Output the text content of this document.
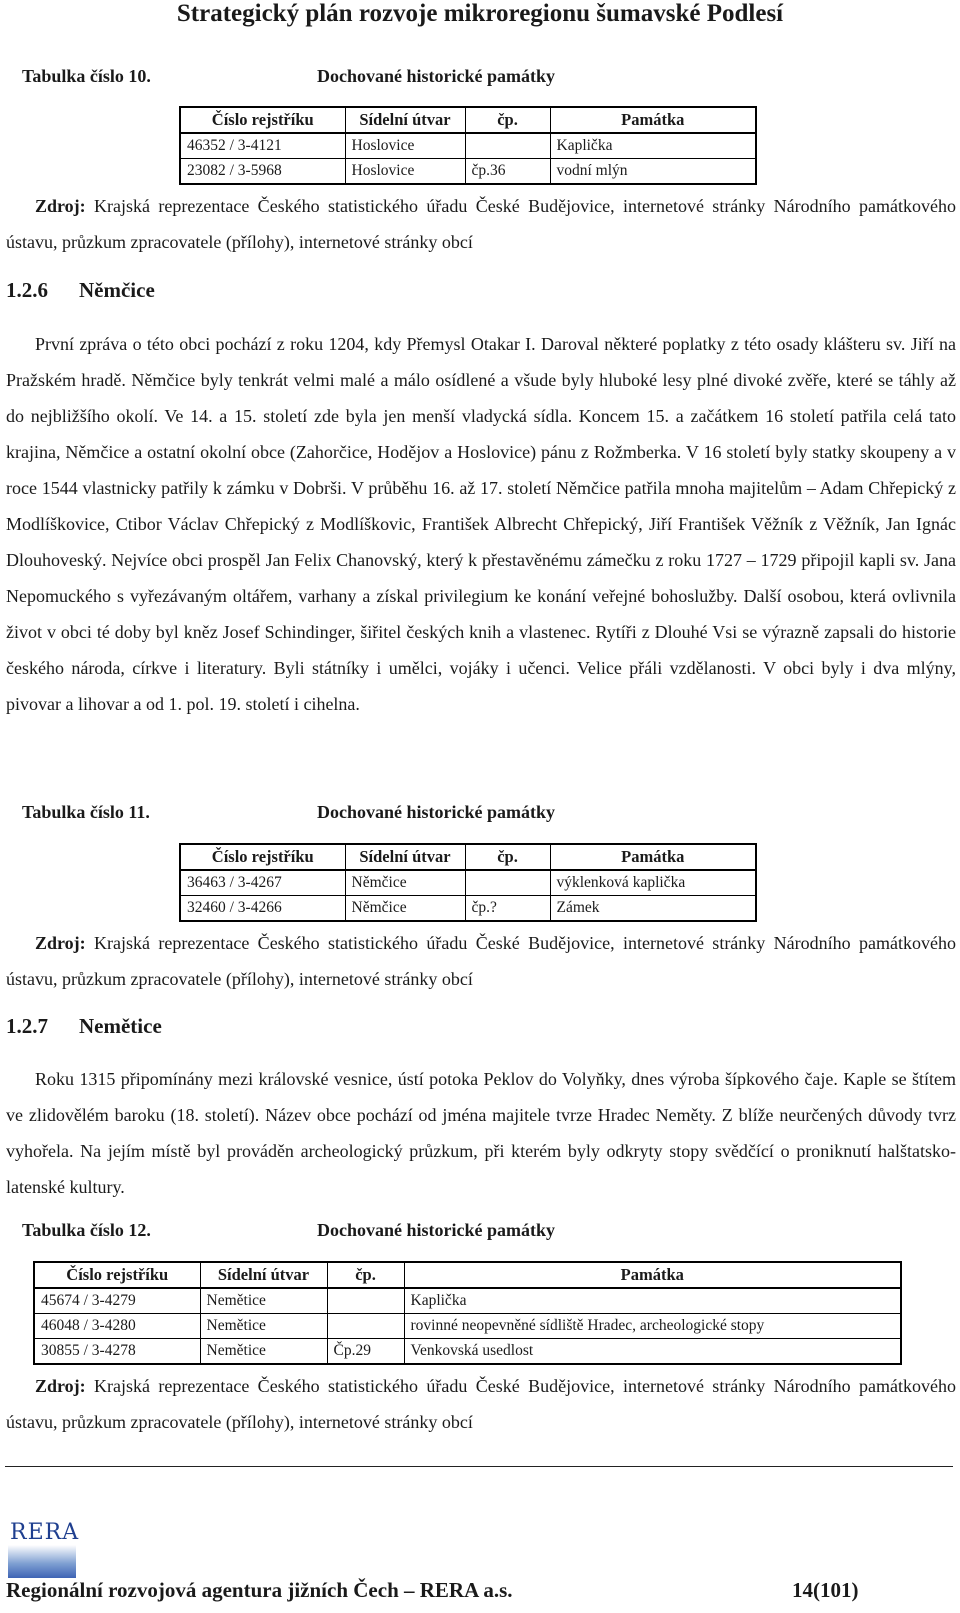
Strategický plán rozvoje mikroregionu šumavské Podlesí
Tabulka číslo 10.	Dochované historické památky
Číslo rejstříku	Sídelní útvar	čp.	Památka
46352 / 3-4121	Hoslovice		Kaplička
23082 / 3-5968	Hoslovice	čp.36	vodní mlýn

Zdroj: Krajská reprezentace Českého statistického úřadu České Budějovice, internetové stránky Národního památkového ústavu, průzkum zpracovatele (přílohy), internetové stránky obcí

1.2.6 Němčice

První zpráva o této obci pochází z roku 1204, kdy Přemysl Otakar I. Daroval některé poplatky z této osady klášteru sv. Jiří na Pražském hradě. Němčice byly tenkrát velmi malé a málo osídlené a všude byly hluboké lesy plné divoké zvěře, které se táhly až do nejbližšího okolí. Ve 14. a 15. století zde byla jen menší vladycká sídla. Koncem 15. a začátkem 16 století patřila celá tato krajina, Němčice a ostatní okolní obce (Zahorčice, Hodějov a Hoslovice) pánu z Rožmberka. V 16 století byly statky skoupeny a v roce 1544 vlastnicky patřily k zámku v Dobrši. V průběhu 16. až 17. století Němčice patřila mnoha majitelům – Adam Chřepický z Modlíškovice, Ctibor Václav Chřepický z Modlíškovic, František Albrecht Chřepický, Jiří František Věžník z Věžník, Jan Ignác Dlouhoveský. Nejvíce obci prospěl Jan Felix Chanovský, který k přestavěnému zámečku z roku 1727 – 1729 připojil kapli sv. Jana Nepomuckého s vyřezávaným oltářem, varhany a získal privilegium ke konání veřejné bohoslužby. Další osobou, která ovlivnila život v obci té doby byl kněz Josef Schindinger, šiřitel českých knih a vlastenec. Rytíři z Dlouhé Vsi se výrazně zapsali do historie českého národa, církve i literatury. Byli státníky i umělci, vojáky i učenci. Velice přáli vzdělanosti. V obci byly i dva mlýny, pivovar a lihovar a od 1. pol. 19. století i cihelna.

Tabulka číslo 11.	Dochované historické památky
Číslo rejstříku	Sídelní útvar	čp.	Památka
36463 / 3-4267	Němčice		výklenková kaplička
32460 / 3-4266	Němčice	čp.?	Zámek

Zdroj: Krajská reprezentace Českého statistického úřadu České Budějovice, internetové stránky Národního památkového ústavu, průzkum zpracovatele (přílohy), internetové stránky obcí

1.2.7 Nemětice

Roku 1315 připomínány mezi královské vesnice, ústí potoka Peklov do Volyňky, dnes výroba šípkového čaje. Kaple se štítem ve zlidovělém baroku (18. století). Název obce pochází od jména majitele tvrze Hradec Neměty. Z blíže neurčených důvody tvrz vyhořela. Na jejím místě byl prováděn archeologický průzkum, při kterém byly odkryty stopy svědčící o proniknutí halštatsko-latenské kultury.

Tabulka číslo 12.	Dochované historické památky
Číslo rejstříku	Sídelní útvar	čp.	Památka
45674 / 3-4279	Nemětice		Kaplička
46048 / 3-4280	Nemětice		rovinné neopevněné sídliště Hradec, archeologické stopy
30855 / 3-4278	Nemětice	Čp.29	Venkovská usedlost

Zdroj: Krajská reprezentace Českého statistického úřadu České Budějovice, internetové stránky Národního památkového ústavu, průzkum zpracovatele (přílohy), internetové stránky obcí

RERA
Regionální rozvojová agentura jižních Čech – RERA a.s.	14(101)
